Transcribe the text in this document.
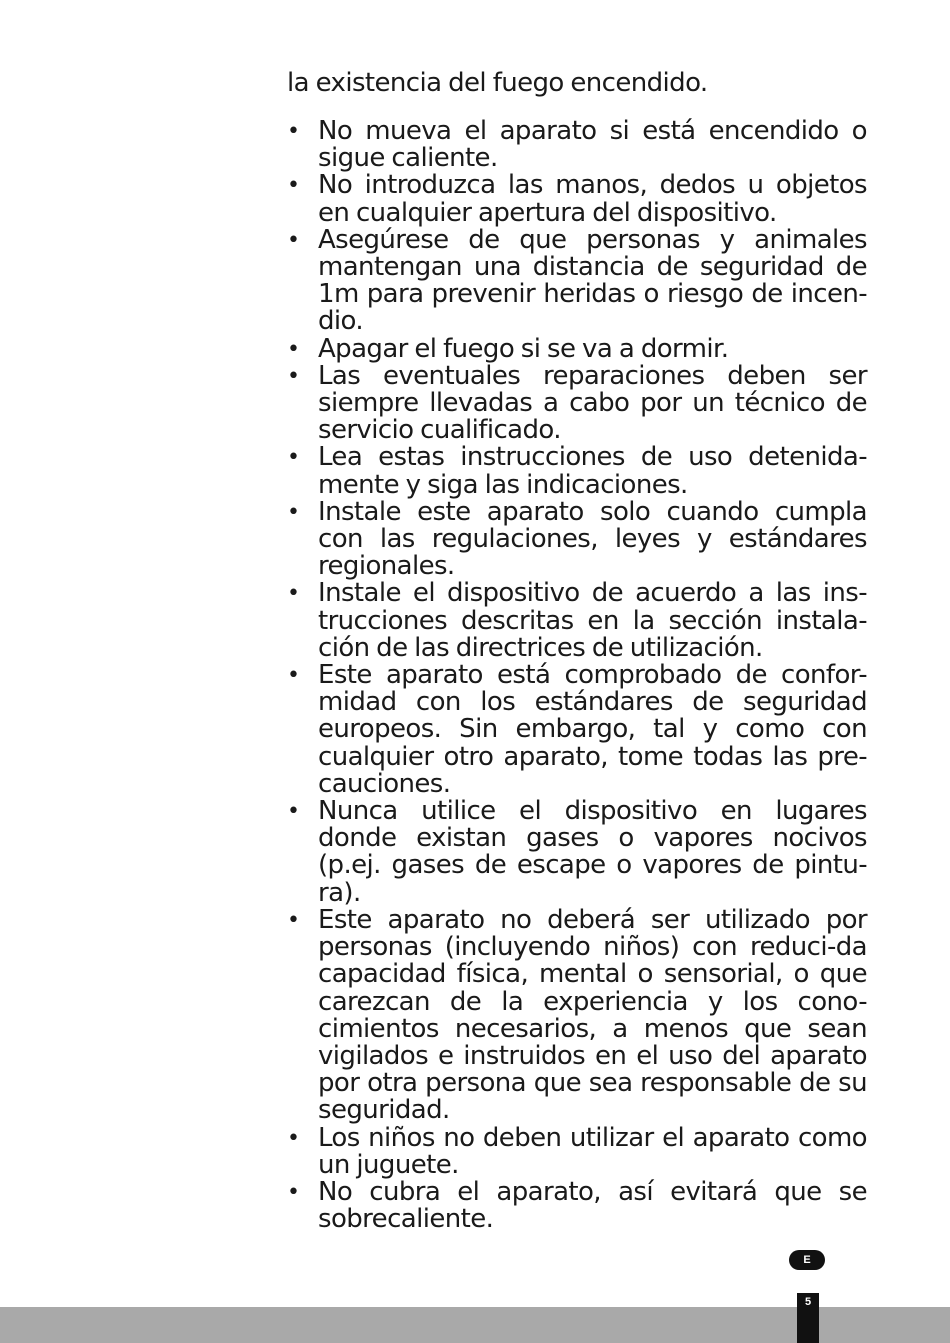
la existencia del fuego encendido.

• No mueva el aparato si está encendido o sigue caliente.
• No introduzca las manos, dedos u objetos en cualquier apertura del dispositivo.
• Asegúrese de que personas y animales mantengan una distancia de seguridad de 1m para prevenir heridas o riesgo de incen-dio.
• Apagar el fuego si se va a dormir.
• Las eventuales reparaciones deben ser siempre llevadas a cabo por un técnico de servicio cualificado.
• Lea estas instrucciones de uso detenida-mente y siga las indicaciones.
• Instale este aparato solo cuando cumpla con las regulaciones, leyes y estándares regionales.
• Instale el dispositivo de acuerdo a las ins-trucciones descritas en la sección instala-ción de las directrices de utilización.
• Este aparato está comprobado de confor-midad con los estándares de seguridad europeos. Sin embargo, tal y como con cualquier otro aparato, tome todas las pre-cauciones.
• Nunca utilice el dispositivo en lugares donde existan gases o vapores nocivos (p.ej. gases de escape o vapores de pintu-ra).
• Este aparato no deberá ser utilizado por personas (incluyendo niños) con reduci-da capacidad física, mental o sensorial, o que carezcan de la experiencia y los cono-cimientos necesarios, a menos que sean vigilados e instruidos en el uso del aparato por otra persona que sea responsable de su seguridad.
• Los niños no deben utilizar el aparato como un juguete.
• No cubra el aparato, así evitará que se sobrecaliente.
E
5
